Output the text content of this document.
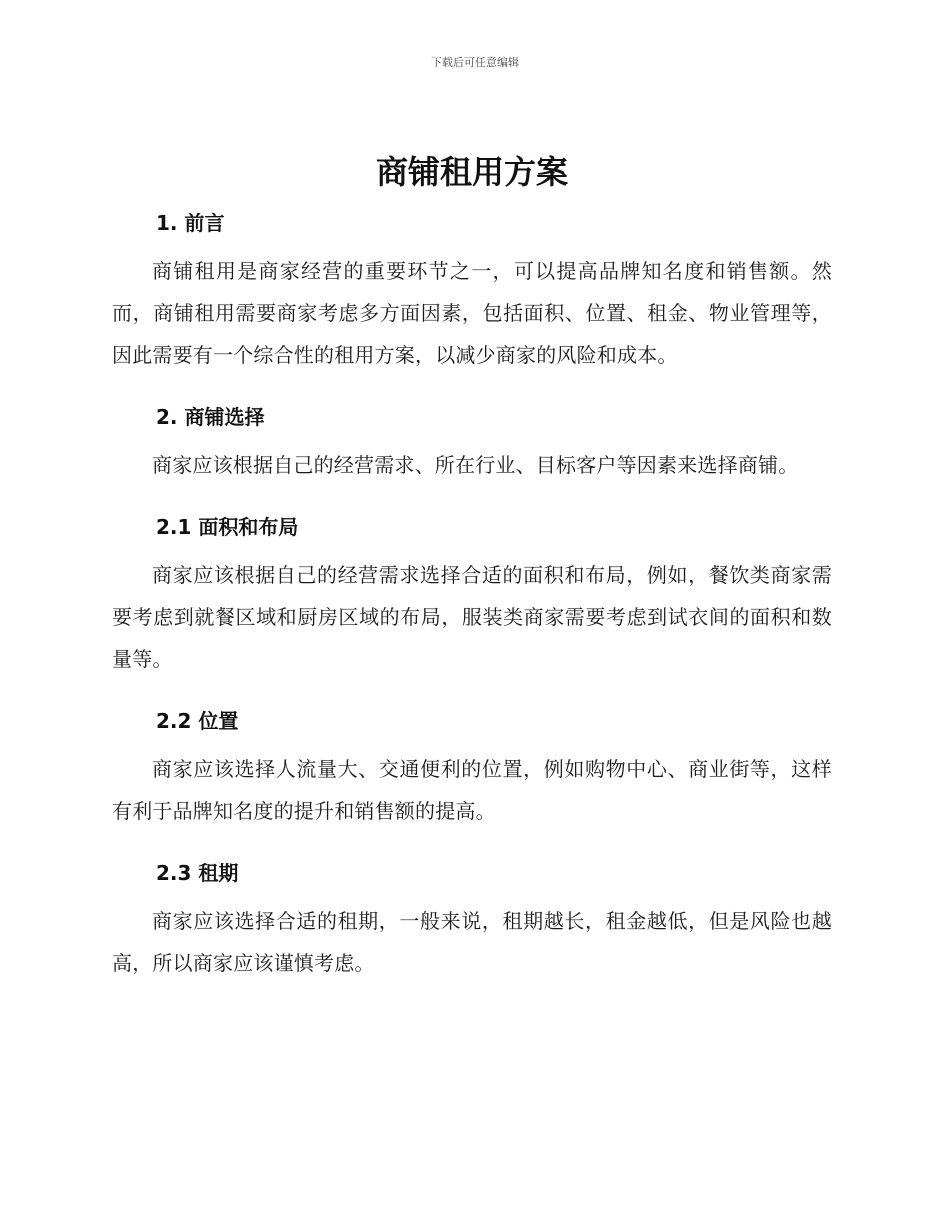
下载后可任意编辑
商铺租用方案
1. 前言

商铺租用是商家经营的重要环节之一，可以提高品牌知名度和销售额。然而，商铺租用需要商家考虑多方面因素，包括面积、位置、租金、物业管理等，因此需要有一个综合性的租用方案，以减少商家的风险和成本。

2. 商铺选择

商家应该根据自己的经营需求、所在行业、目标客户等因素来选择商铺。

2.1 面积和布局

商家应该根据自己的经营需求选择合适的面积和布局，例如，餐饮类商家需要考虑到就餐区域和厨房区域的布局，服装类商家需要考虑到试衣间的面积和数量等。

2.2 位置

商家应该选择人流量大、交通便利的位置，例如购物中心、商业街等，这样有利于品牌知名度的提升和销售额的提高。

2.3 租期

商家应该选择合适的租期，一般来说，租期越长，租金越低，但是风险也越高，所以商家应该谨慎考虑。
